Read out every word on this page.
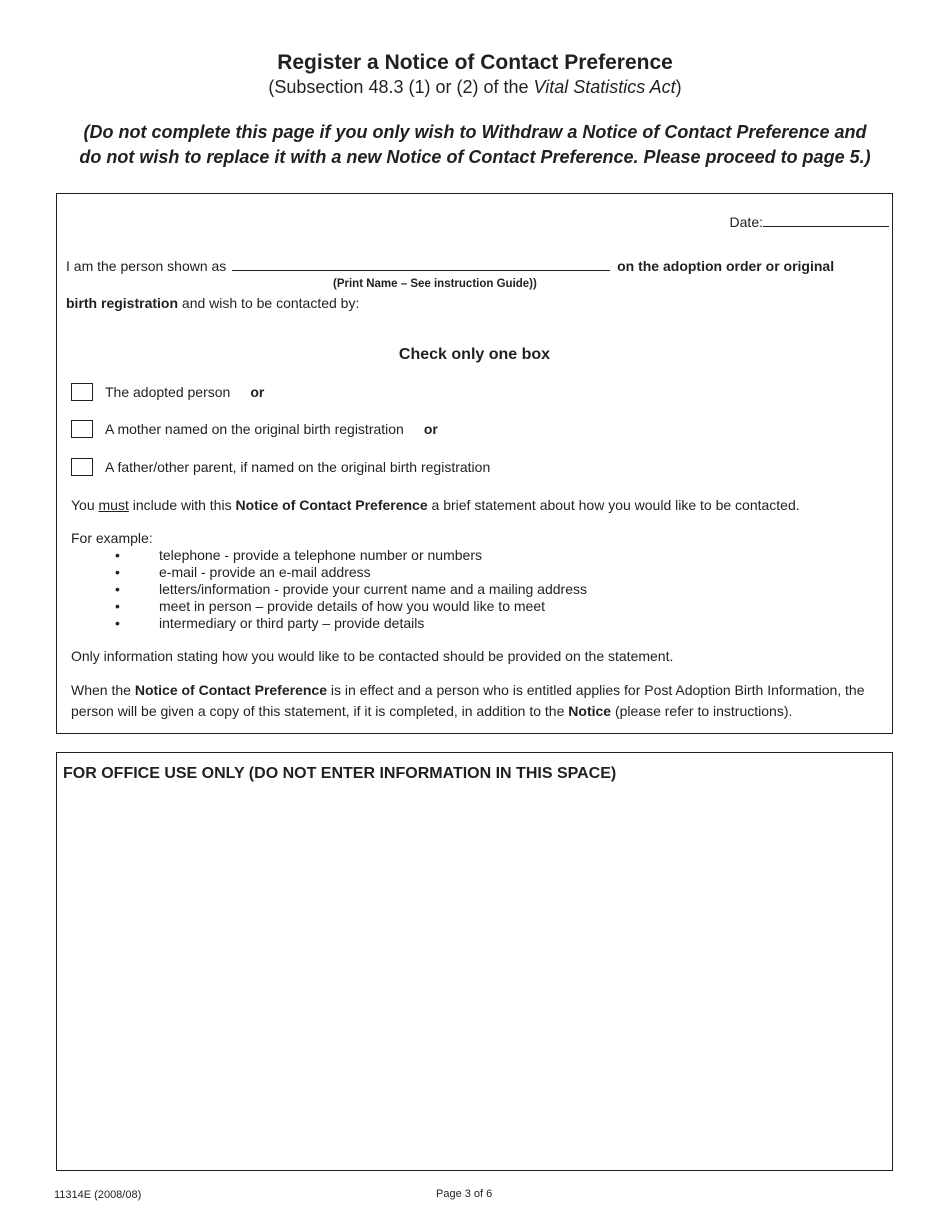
Register a Notice of Contact Preference
(Subsection 48.3 (1) or (2) of the Vital Statistics Act)
(Do not complete this page if you only wish to Withdraw a Notice of Contact Preference and
do not wish to replace it with a new Notice of Contact Preference. Please proceed to page 5.)
Date:
I am the person shown as	on the adoption order or original
(Print Name – See instruction Guide))
birth registration and wish to be contacted by:
Check only one box
The adopted person or
A mother named on the original birth registration or
A father/other parent, if named on the original birth registration
You must include with this Notice of Contact Preference a brief statement about how you would like to be contacted.
For example:
•	telephone - provide a telephone number or numbers
•	e-mail - provide an e-mail address
•	letters/information - provide your current name and a mailing address
•	meet in person – provide details of how you would like to meet
•	intermediary or third party – provide details
Only information stating how you would like to be contacted should be provided on the statement.
When the Notice of Contact Preference is in effect and a person who is entitled applies for Post Adoption Birth Information, the
person will be given a copy of this statement, if it is completed, in addition to the Notice (please refer to instructions).
FOR OFFICE USE ONLY (DO NOT ENTER INFORMATION IN THIS SPACE)
11314E (2008/08)	Page 3 of 6
